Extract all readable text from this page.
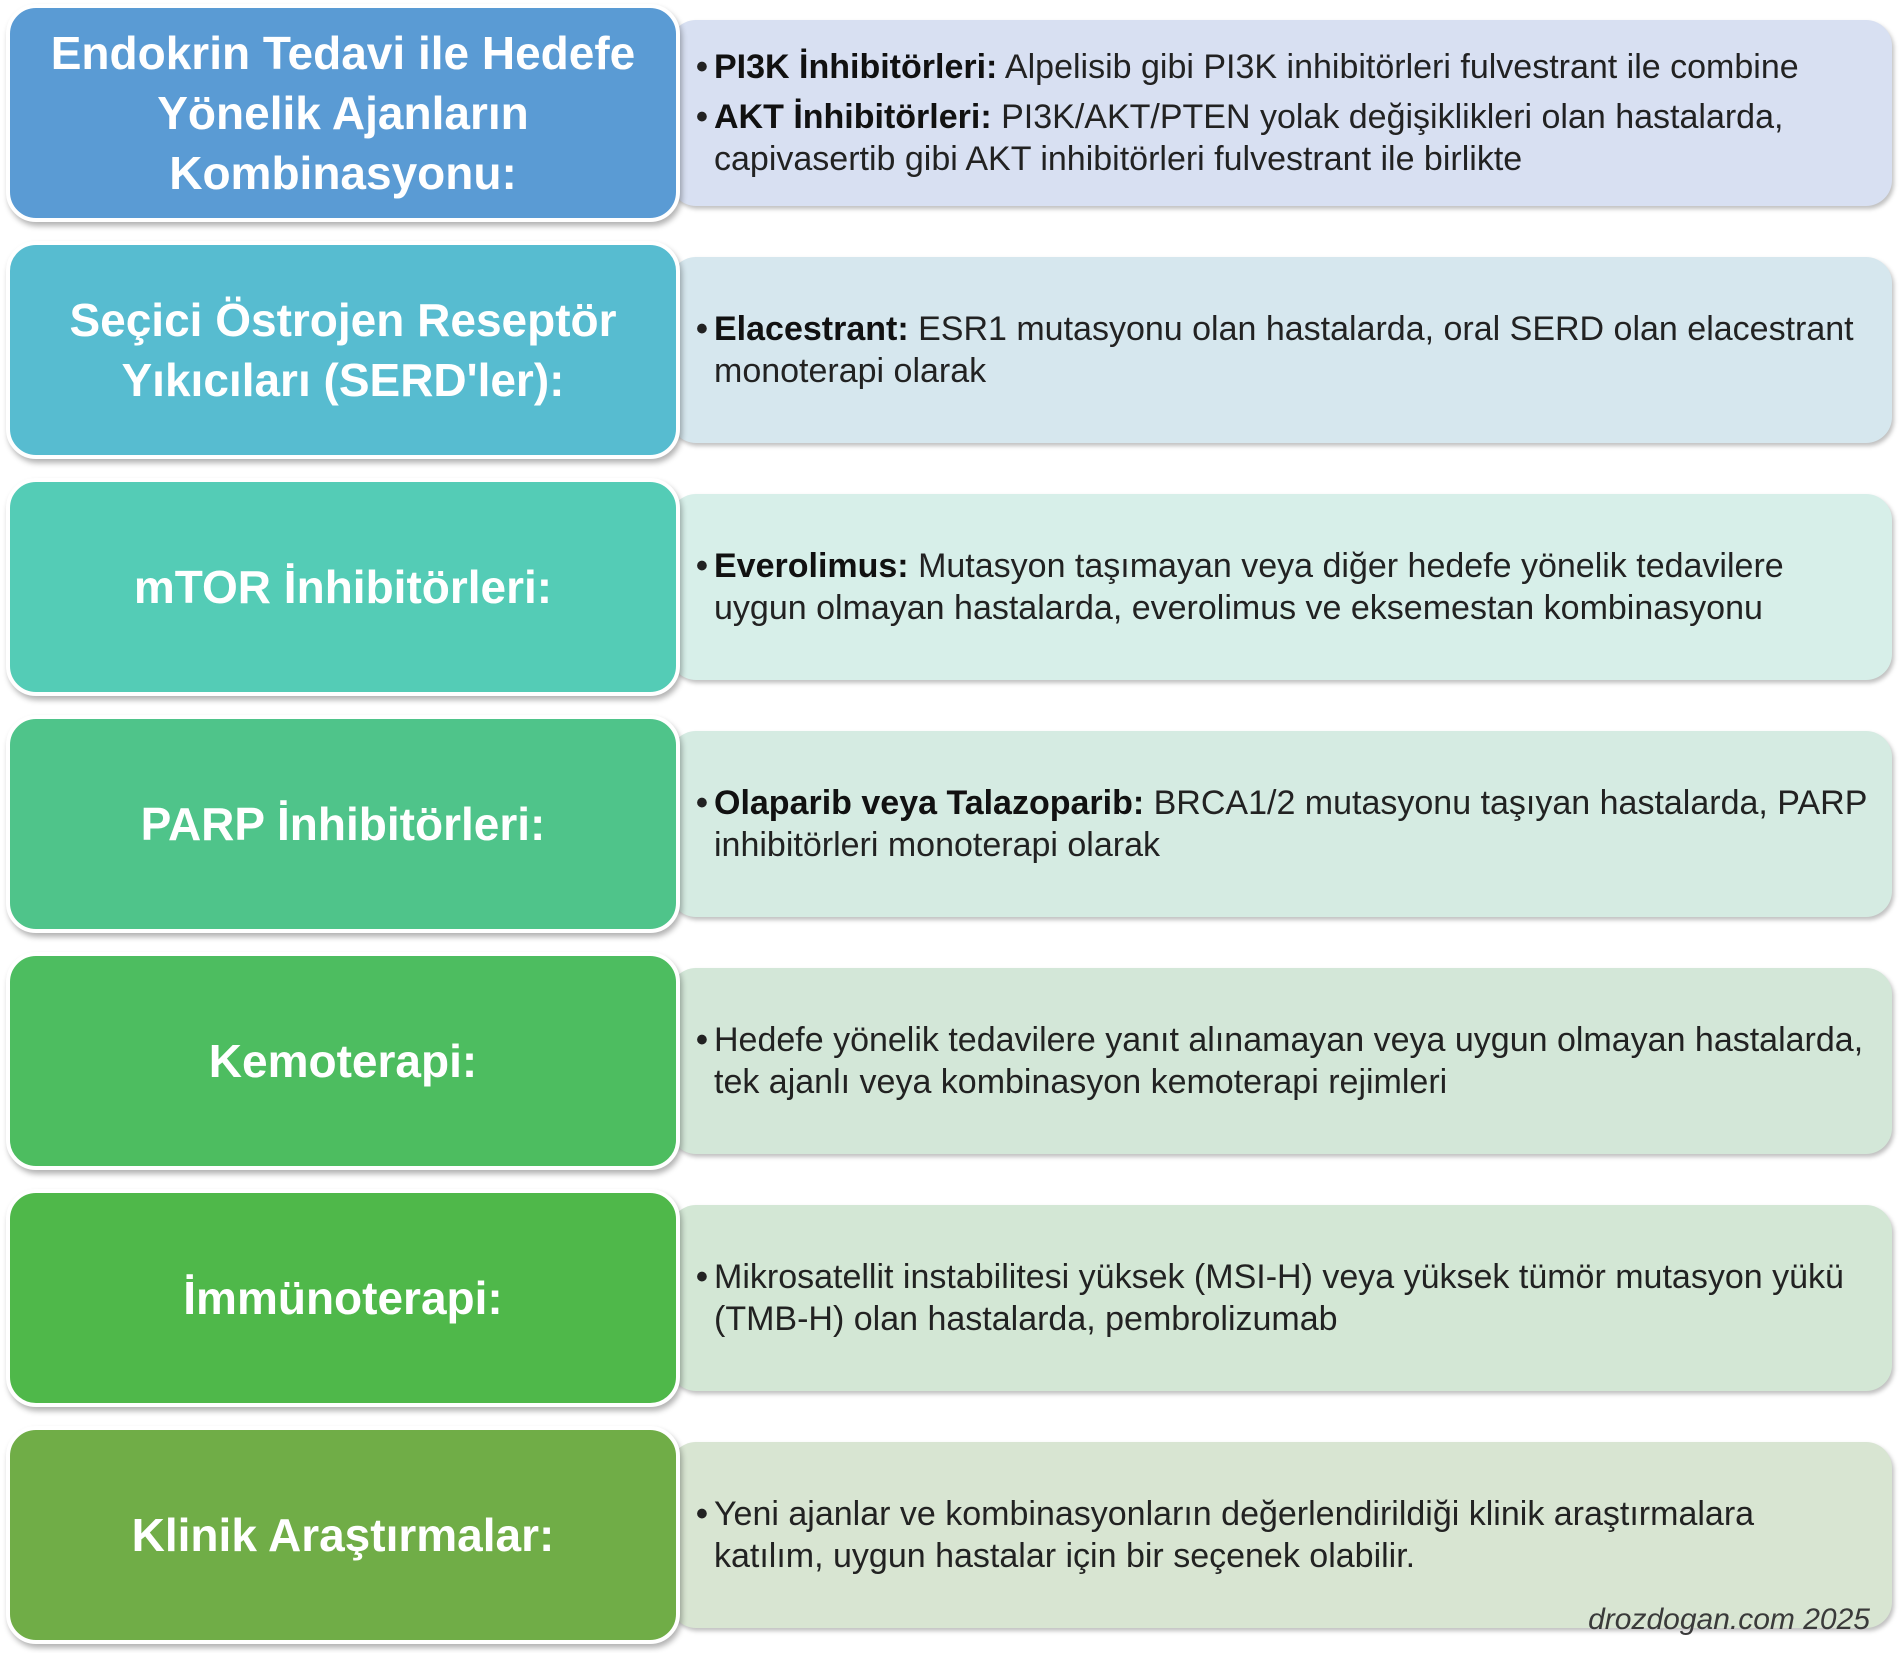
• PI3K İnhibitörleri: Alpelisib gibi PI3K inhibitörleri fulvestrant ile combine
• AKT İnhibitörleri: PI3K/AKT/PTEN yolak değişiklikleri olan hastalarda, capivasertib gibi AKT inhibitörleri fulvestrant ile birlikte
Endokrin Tedavi ile Hedefe Yönelik Ajanların Kombinasyonu:
• Elacestrant: ESR1 mutasyonu olan hastalarda, oral SERD olan elacestrant monoterapi olarak
Seçici Östrojen Reseptör Yıkıcıları (SERD'ler):
• Everolimus: Mutasyon taşımayan veya diğer hedefe yönelik tedavilere uygun olmayan hastalarda, everolimus ve eksemestan kombinasyonu
mTOR İnhibitörleri:
• Olaparib veya Talazoparib: BRCA1/2 mutasyonu taşıyan hastalarda, PARP inhibitörleri monoterapi olarak
PARP İnhibitörleri:
• Hedefe yönelik tedavilere yanıt alınamayan veya uygun olmayan hastalarda, tek ajanlı veya kombinasyon kemoterapi rejimleri
Kemoterapi:
• Mikrosatellit instabilitesi yüksek (MSI-H) veya yüksek tümör mutasyon yükü (TMB-H) olan hastalarda, pembrolizumab
İmmünoterapi:
• Yeni ajanlar ve kombinasyonların değerlendirildiği klinik araştırmalara katılım, uygun hastalar için bir seçenek olabilir.
Klinik Araştırmalar:
drozdogan.com 2025
